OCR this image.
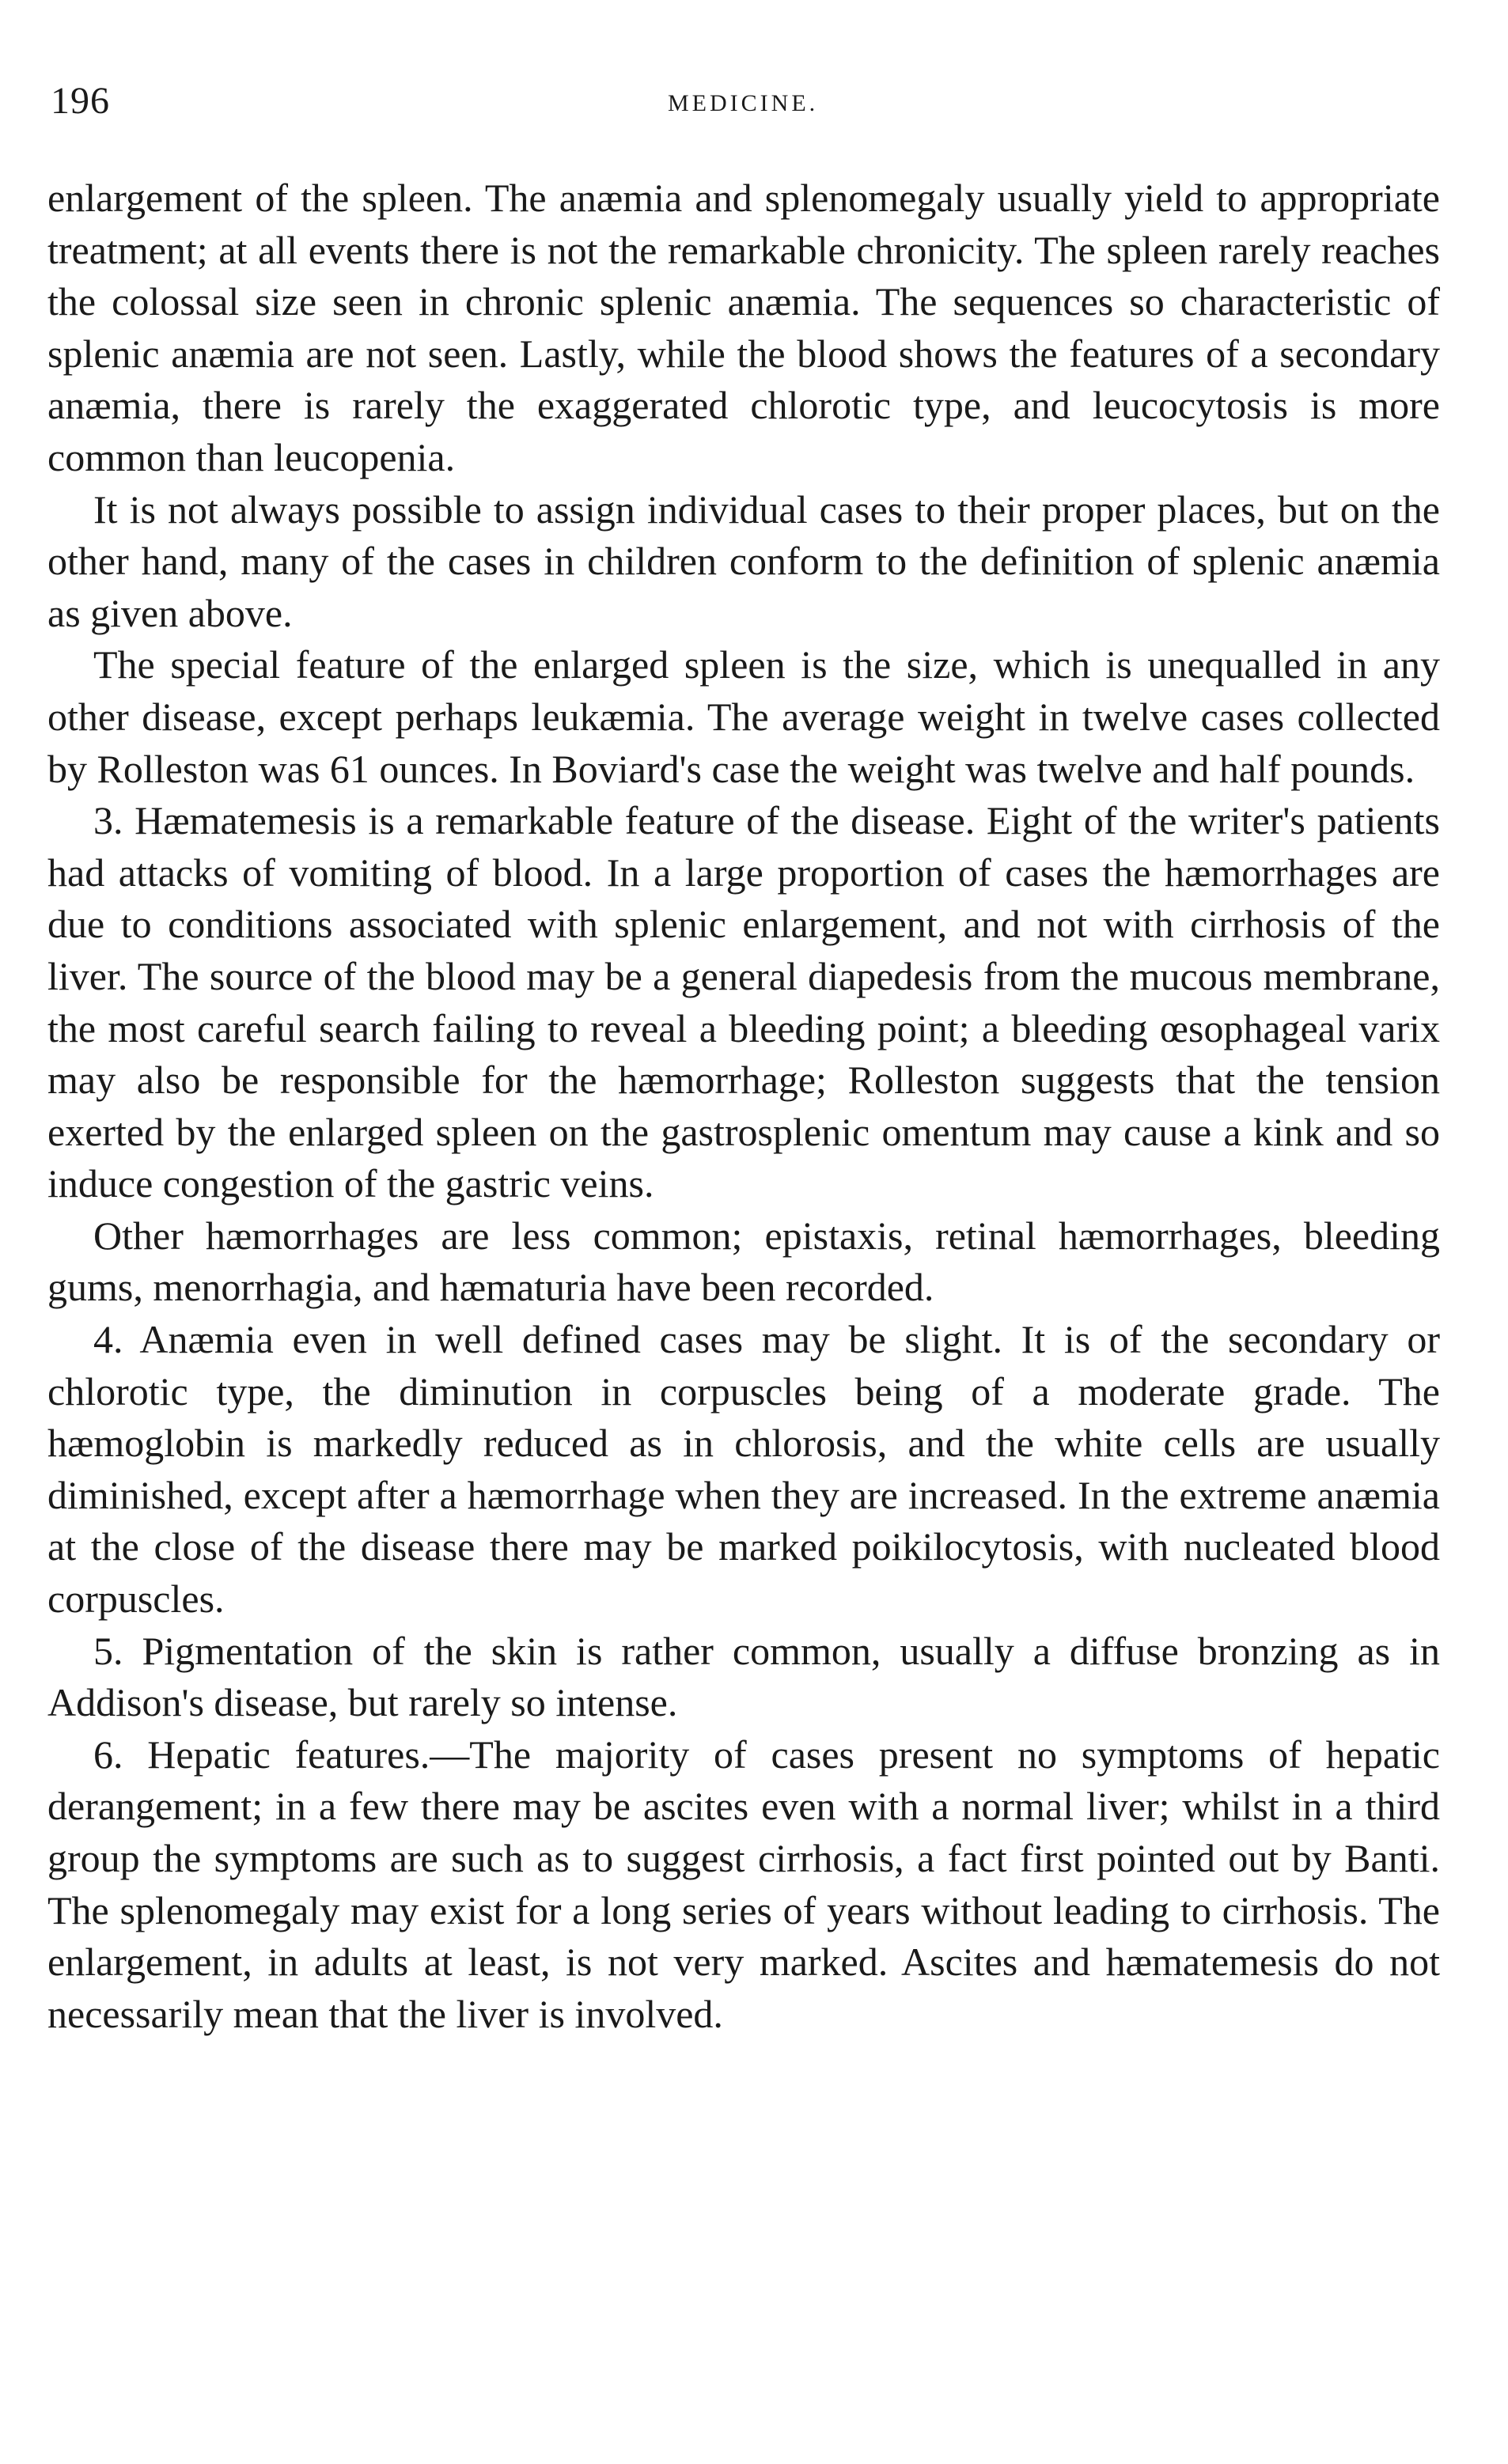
196	MEDICINE.

enlargement of the spleen. The anæmia and splenomegaly usually yield to appropriate treatment; at all events there is not the remarkable chronicity. The spleen rarely reaches the colossal size seen in chronic splenic anæmia. The sequences so characteristic of splenic anæmia are not seen. Lastly, while the blood shows the features of a secondary anæmia, there is rarely the exaggerated chlorotic type, and leucocytosis is more common than leucopenia.

It is not always possible to assign individual cases to their proper places, but on the other hand, many of the cases in children conform to the definition of splenic anæmia as given above.

The special feature of the enlarged spleen is the size, which is unequalled in any other disease, except perhaps leukæmia. The average weight in twelve cases collected by Rolleston was 61 ounces. In Boviard's case the weight was twelve and half pounds.

3. Hæmatemesis is a remarkable feature of the disease. Eight of the writer's patients had attacks of vomiting of blood. In a large proportion of cases the hæmorrhages are due to conditions associated with splenic enlargement, and not with cirrhosis of the liver. The source of the blood may be a general diapedesis from the mucous membrane, the most careful search failing to reveal a bleeding point; a bleeding œsophageal varix may also be responsible for the hæmorrhage; Rolleston suggests that the tension exerted by the enlarged spleen on the gastrosplenic omentum may cause a kink and so induce congestion of the gastric veins.

Other hæmorrhages are less common; epistaxis, retinal hæmorrhages, bleeding gums, menorrhagia, and hæmaturia have been recorded.

4. Anæmia even in well defined cases may be slight. It is of the secondary or chlorotic type, the diminution in corpuscles being of a moderate grade. The hæmoglobin is markedly reduced as in chlorosis, and the white cells are usually diminished, except after a hæmorrhage when they are increased. In the extreme anæmia at the close of the disease there may be marked poikilocytosis, with nucleated blood corpuscles.

5. Pigmentation of the skin is rather common, usually a diffuse bronzing as in Addison's disease, but rarely so intense.

6. Hepatic features.—The majority of cases present no symptoms of hepatic derangement; in a few there may be ascites even with a normal liver; whilst in a third group the symptoms are such as to suggest cirrhosis, a fact first pointed out by Banti. The splenomegaly may exist for a long series of years without leading to cirrhosis. The enlargement, in adults at least, is not very marked. Ascites and hæmatemesis do not necessarily mean that the liver is involved.
